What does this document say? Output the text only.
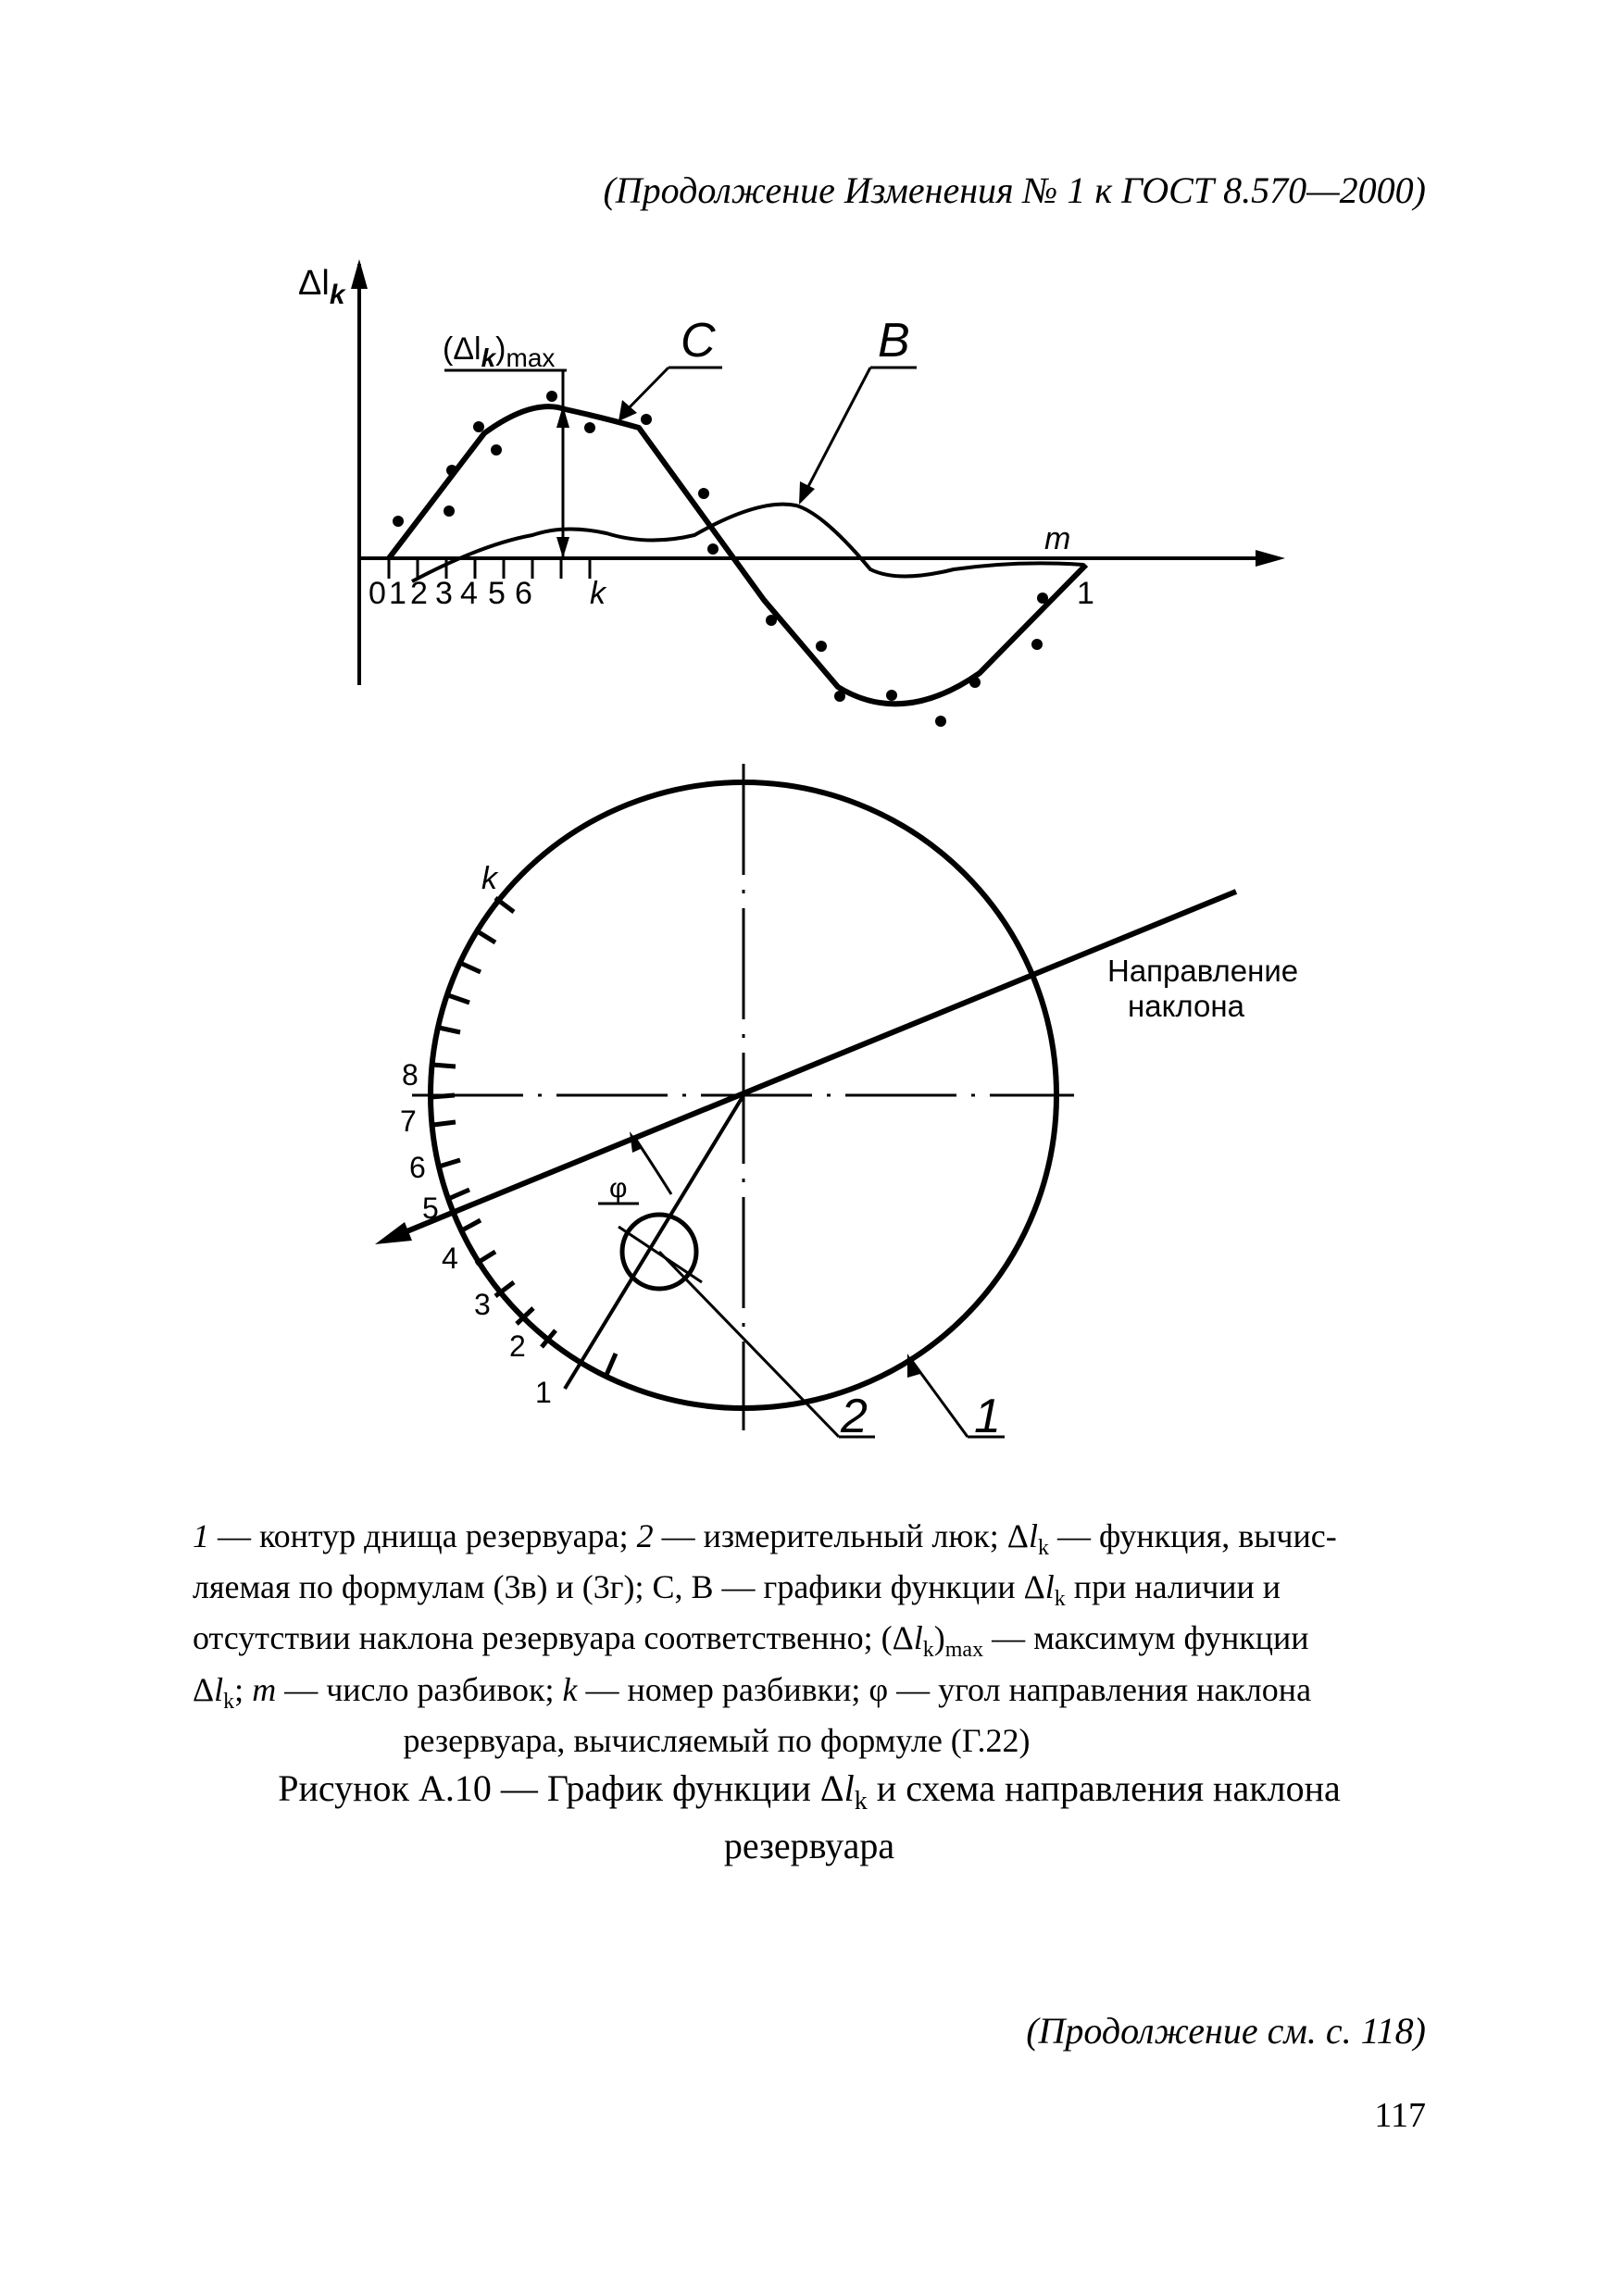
(Продолжение Изменения № 1 к ГОСТ 8.570—2000)
$\Delta l_k$
$(\Delta l_k)_{max}$	C	B
m
k	1
0 1 2 3 4 5 6
k
Направление
наклона
8
7
6
5
4
3
2
1
φ
2 1
1 — контур днища резервуара; 2 — измерительный люк; $\Delta l_k$ — функция, вычис-
ляемая по формулам (3в) и (3г); С, В — графики функции $\Delta l_k$ при наличии и
отсутствии наклона резервуара соответственно; $(\Delta l_k)_{max}$ — максимум функции
$\Delta l_k$; m — число разбивок; k — номер разбивки; φ — угол направления наклона
резервуара, вычисляемый по формуле (Г.22)
Рисунок А.10 — График функции $\Delta l_k$ и схема направления наклона
резервуара
(Продолжение см. с. 118)
117
